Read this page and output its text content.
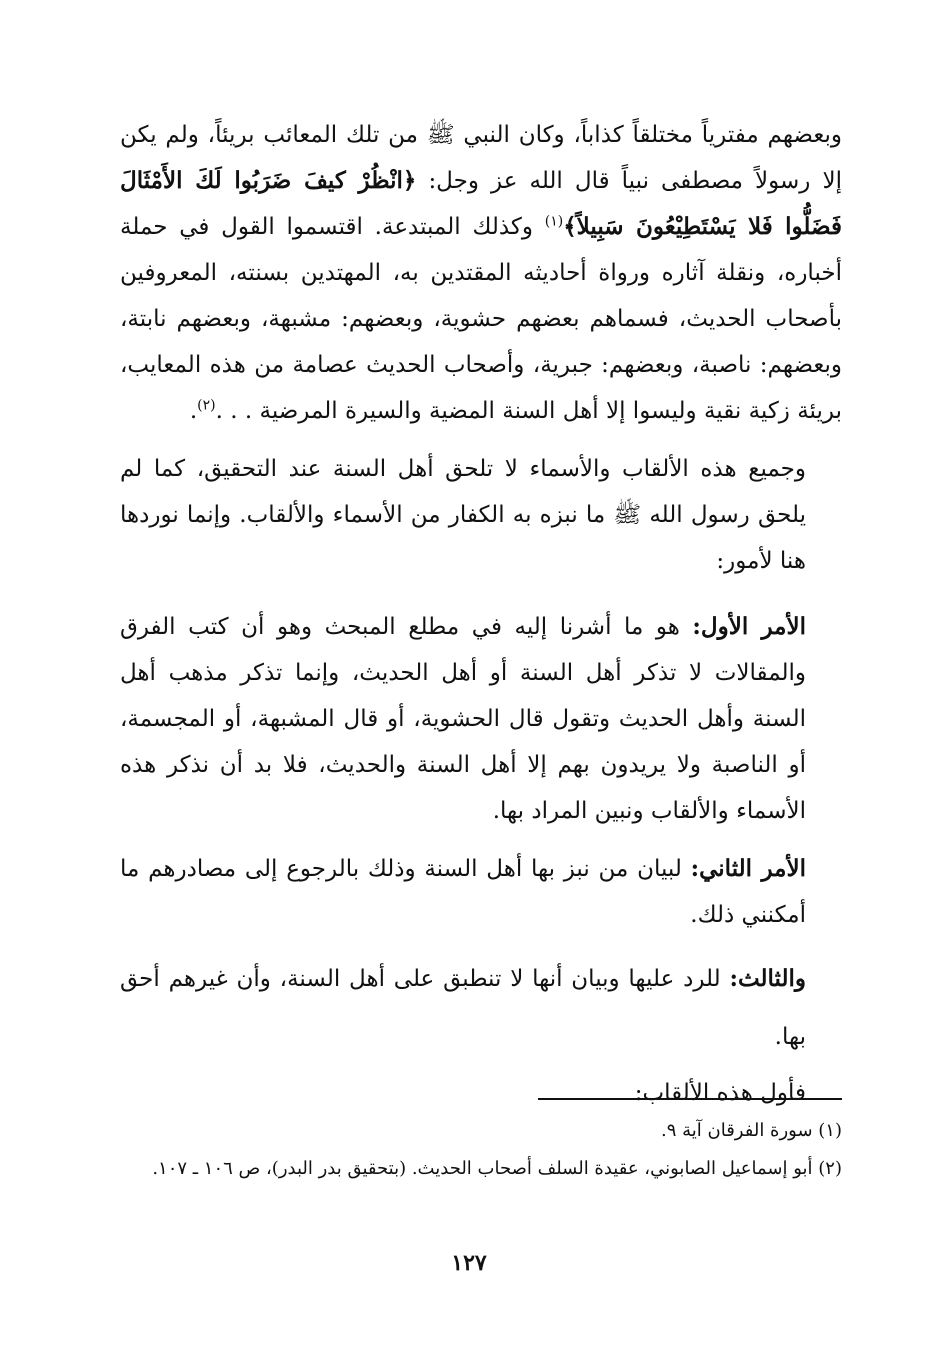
وبعضهم مفترياً مختلقاً كذاباً، وكان النبي ﷺ من تلك المعائب بريئاً، ولم يكن إلا رسولاً مصطفى نبياً قال الله عز وجل: ﴿انْظُرْ كيفَ ضَرَبُوا لَكَ الأَمْثَالَ فَضَلُّوا فَلا يَسْتَطِيْعُونَ سَبِيلاً﴾$^{(١)}$ وكذلك المبتدعة. اقتسموا القول في حملة أخباره، ونقلة آثاره ورواة أحاديثه المقتدين به، المهتدين بسنته، المعروفين بأصحاب الحديث، فسماهم بعضهم حشوية، وبعضهم: مشبهة، وبعضهم نابتة، وبعضهم: ناصبة، وبعضهم: جبرية، وأصحاب الحديث عصامة من هذه المعايب، بريئة زكية نقية وليسوا إلا أهل السنة المضية والسيرة المرضية . . .$^{(٢)}$.

وجميع هذه الألقاب والأسماء لا تلحق أهل السنة عند التحقيق، كما لم يلحق رسول الله ﷺ ما نبزه به الكفار من الأسماء والألقاب. وإنما نوردها هنا لأمور:

الأمر الأول: هو ما أشرنا إليه في مطلع المبحث وهو أن كتب الفرق والمقالات لا تذكر أهل السنة أو أهل الحديث، وإنما تذكر مذهب أهل السنة وأهل الحديث وتقول قال الحشوية، أو قال المشبهة، أو المجسمة، أو الناصبة ولا يريدون بهم إلا أهل السنة والحديث، فلا بد أن نذكر هذه الأسماء والألقاب ونبين المراد بها.

الأمر الثاني: لبيان من نبز بها أهل السنة وذلك بالرجوع إلى مصادرهم ما أمكنني ذلك.

والثالث: للرد عليها وبيان أنها لا تنطبق على أهل السنة، وأن غيرهم أحق بها.

فأول هذه الألقاب:

(١) سورة الفرقان آية ٩.

(٢) أبو إسماعيل الصابوني، عقيدة السلف أصحاب الحديث. (بتحقيق بدر البدر)، ص ١٠٦ ـ ١٠٧.

١٢٧
